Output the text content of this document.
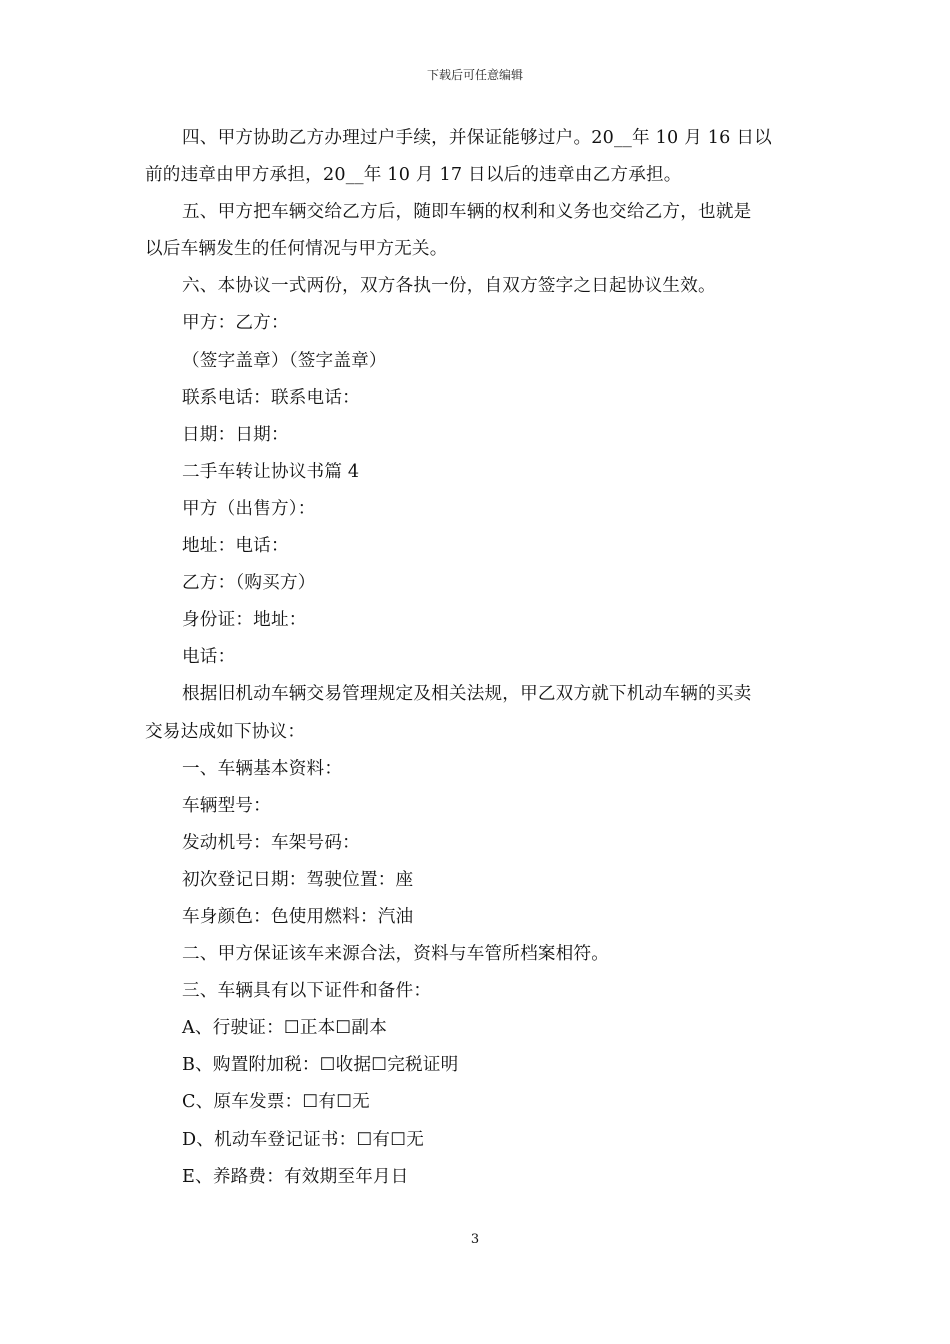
下载后可任意编辑
四、甲方协助乙方办理过户手续，并保证能够过户。20__年 10 月 16 日以
前的违章由甲方承担，20__年 10 月 17 日以后的违章由乙方承担。
五、甲方把车辆交给乙方后，随即车辆的权利和义务也交给乙方，也就是
以后车辆发生的任何情况与甲方无关。
六、本协议一式两份，双方各执一份，自双方签字之日起协议生效。
甲方：乙方：
（签字盖章）（签字盖章）
联系电话：联系电话：
日期：日期：
二手车转让协议书篇 4
甲方（出售方）：
地址：电话：
乙方：（购买方）
身份证：地址：
电话：
根据旧机动车辆交易管理规定及相关法规，甲乙双方就下机动车辆的买卖
交易达成如下协议：
一、车辆基本资料：
车辆型号：
发动机号：车架号码：
初次登记日期：驾驶位置：座
车身颜色：色使用燃料：汽油
二、甲方保证该车来源合法，资料与车管所档案相符。
三、车辆具有以下证件和备件：
A、行驶证：☐正本☐副本
B、购置附加税：☐收据☐完税证明
C、原车发票：☐有☐无
D、机动车登记证书：☐有☐无
E、养路费：有效期至年月日
3
